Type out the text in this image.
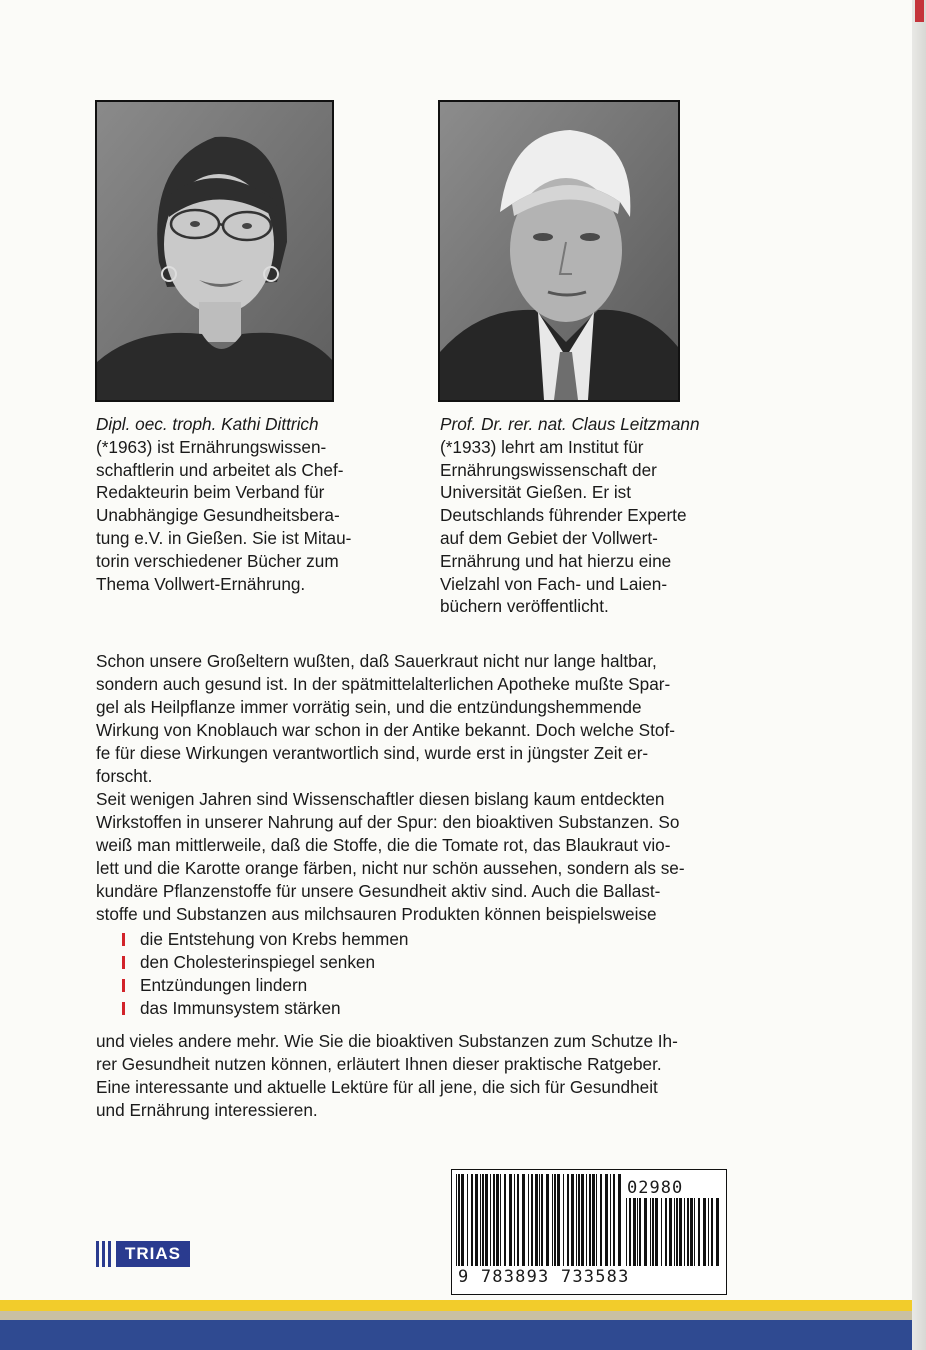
Dipl. oec. troph. Kathi Dittrich
(*1963) ist Ernährungswissen-
schaftlerin und arbeitet als Chef-
Redakteurin beim Verband für
Unabhängige Gesundheitsbera-
tung e.V. in Gießen. Sie ist Mitau-
torin verschiedener Bücher zum
Thema Vollwert-Ernährung.
Prof. Dr. rer. nat. Claus Leitzmann
(*1933) lehrt am Institut für
Ernährungswissenschaft der
Universität Gießen. Er ist
Deutschlands führender Experte
auf dem Gebiet der Vollwert-
Ernährung und hat hierzu eine
Vielzahl von Fach- und Laien-
büchern veröffentlicht.
Schon unsere Großeltern wußten, daß Sauerkraut nicht nur lange haltbar,
sondern auch gesund ist. In der spätmittelalterlichen Apotheke mußte Spar-
gel als Heilpflanze immer vorrätig sein, und die entzündungshemmende
Wirkung von Knoblauch war schon in der Antike bekannt. Doch welche Stof-
fe für diese Wirkungen verantwortlich sind, wurde erst in jüngster Zeit er-
forscht.
Seit wenigen Jahren sind Wissenschaftler diesen bislang kaum entdeckten
Wirkstoffen in unserer Nahrung auf der Spur: den bioaktiven Substanzen. So
weiß man mittlerweile, daß die Stoffe, die die Tomate rot, das Blaukraut vio-
lett und die Karotte orange färben, nicht nur schön aussehen, sondern als se-
kundäre Pflanzenstoffe für unsere Gesundheit aktiv sind. Auch die Ballast-
stoffe und Substanzen aus milchsauren Produkten können beispielsweise
die Entstehung von Krebs hemmen
den Cholesterinspiegel senken
Entzündungen lindern
das Immunsystem stärken
und vieles andere mehr. Wie Sie die bioaktiven Substanzen zum Schutze Ih-
rer Gesundheit nutzen können, erläutert Ihnen dieser praktische Ratgeber.
Eine interessante und aktuelle Lektüre für all jene, die sich für Gesundheit
und Ernährung interessieren.
02980
9 783893 733583
TRIAS
